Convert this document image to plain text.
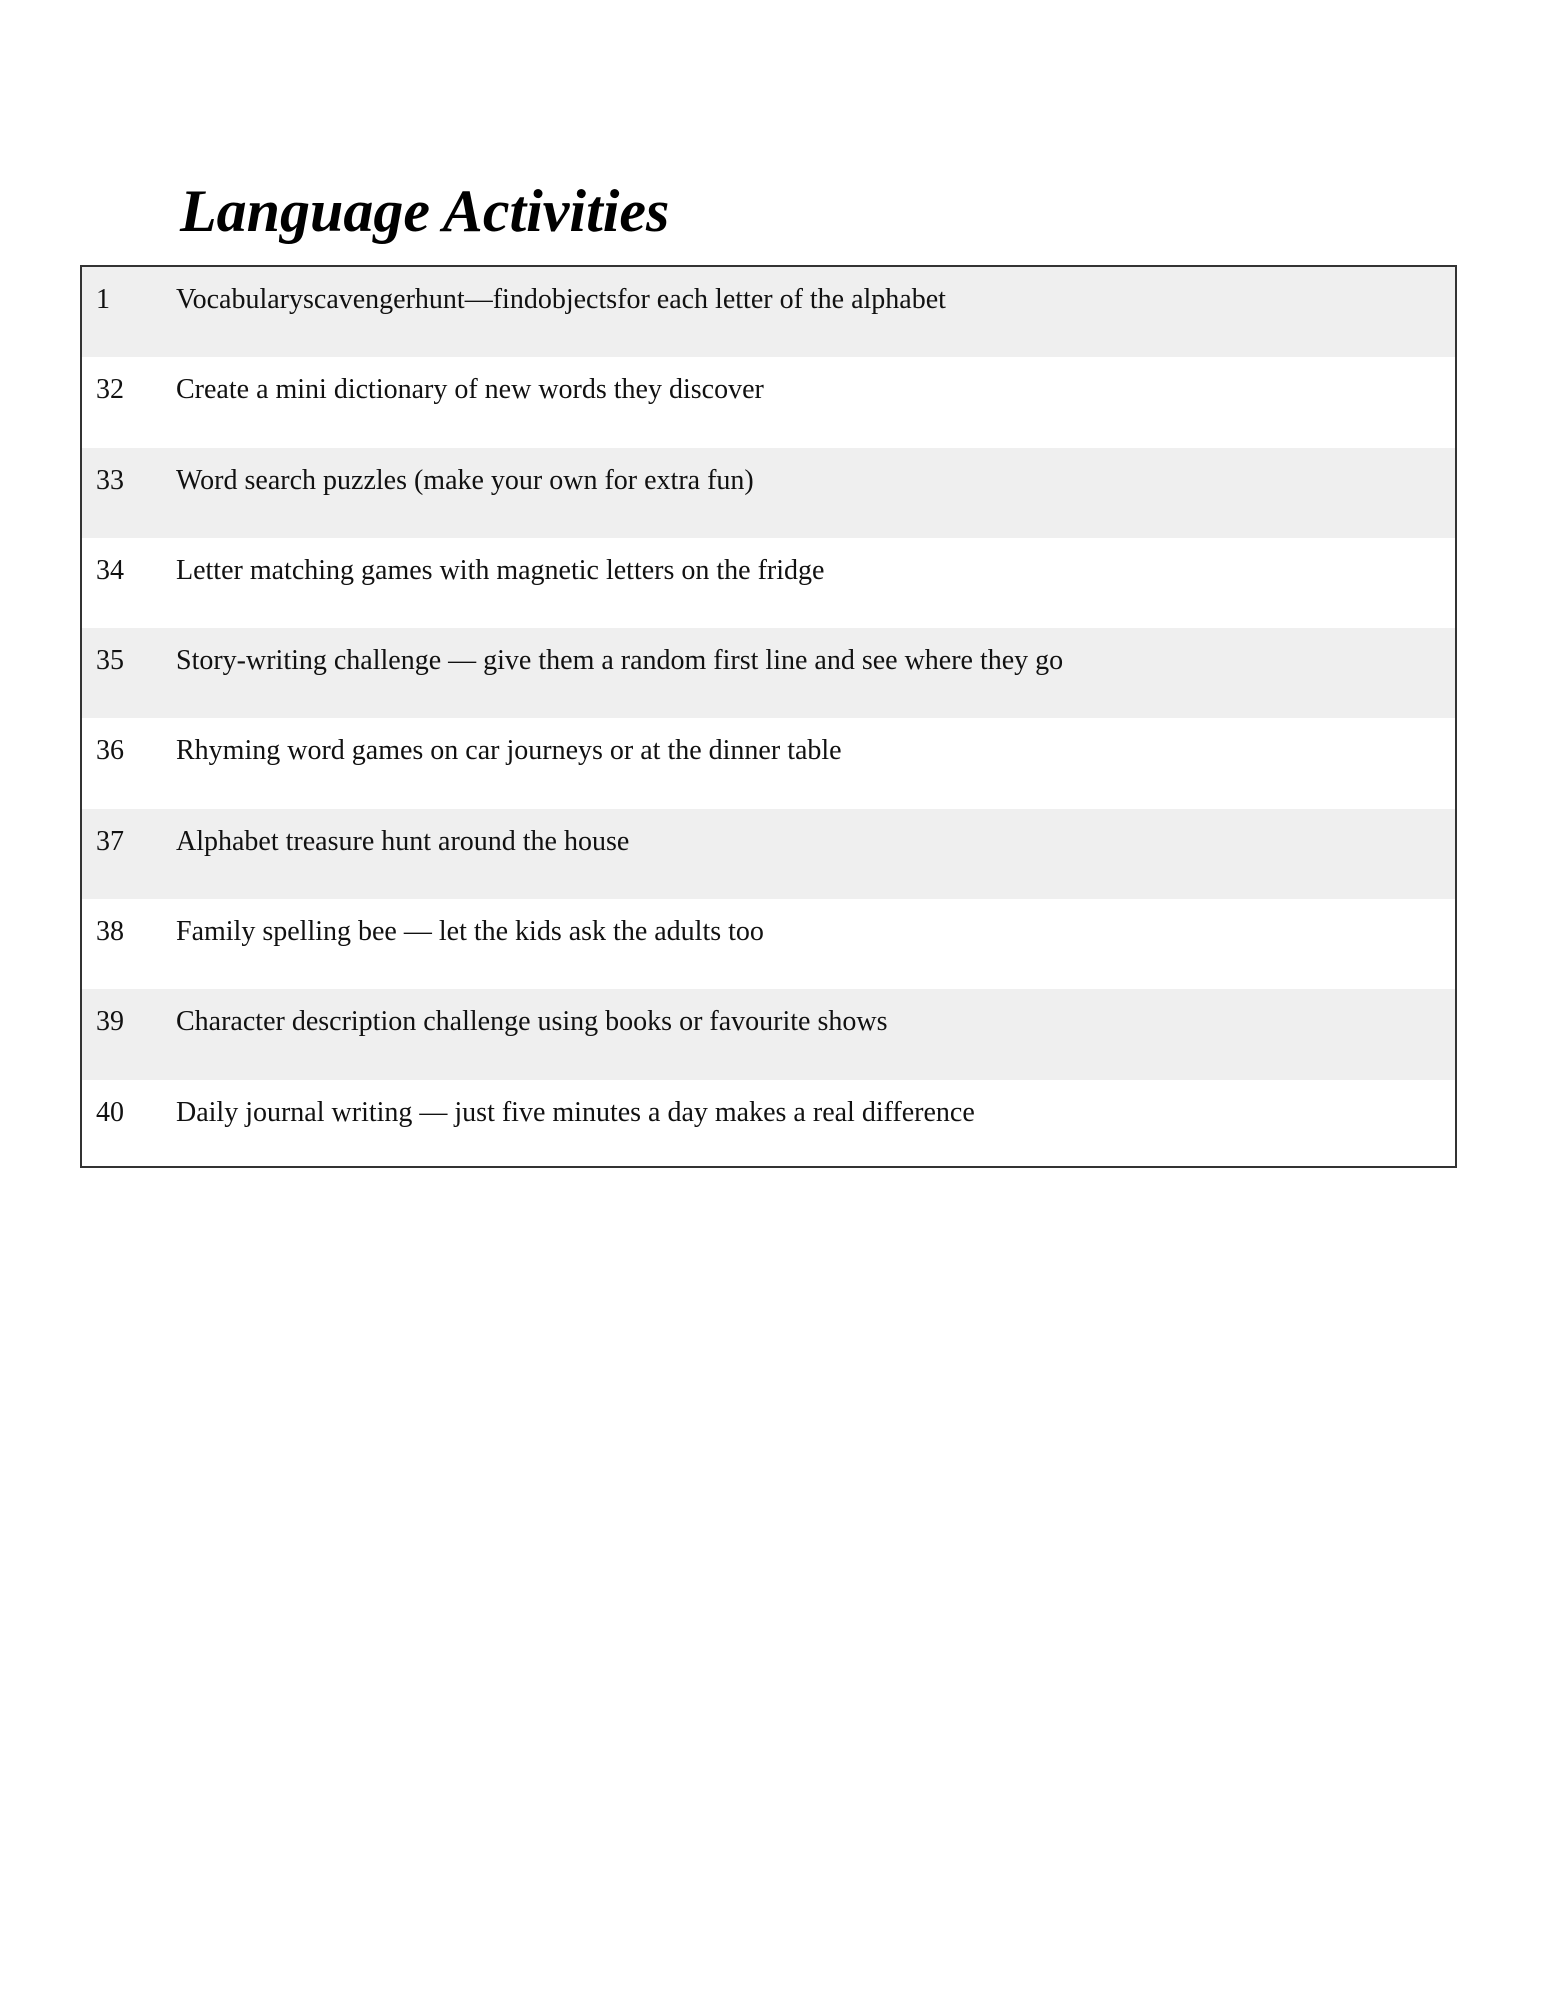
Language Activities
1 Vocabularyscavengerhunt—findobjectsfor each letter of the alphabet
32 Create a mini dictionary of new words they discover
33 Word search puzzles (make your own for extra fun)
34 Letter matching games with magnetic letters on the fridge
35 Story-writing challenge — give them a random first line and see where they go
36 Rhyming word games on car journeys or at the dinner table
37 Alphabet treasure hunt around the house
38 Family spelling bee — let the kids ask the adults too
39 Character description challenge using books or favourite shows
40 Daily journal writing — just five minutes a day makes a real difference
